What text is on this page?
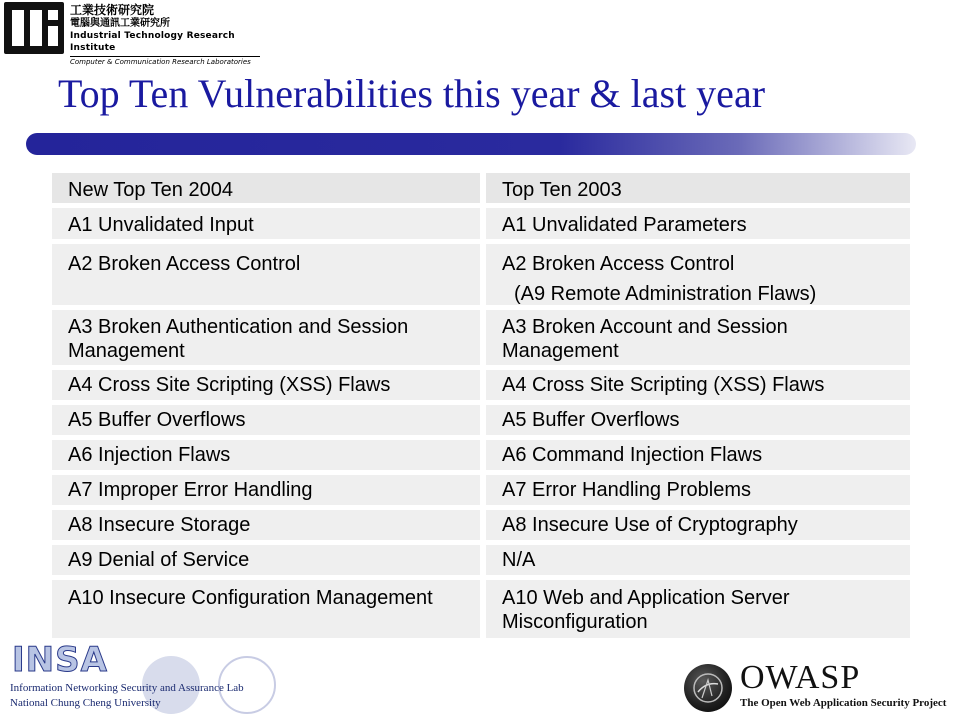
工業技術研究院
電腦與通訊工業研究所
Industrial Technology Research Institute
Computer & Communication Research Laboratories
Top Ten Vulnerabilities this year & last year
New Top Ten 2004
A1 Unvalidated Input
A2 Broken Access Control
A3 Broken Authentication and Session Management
A4 Cross Site Scripting (XSS) Flaws
A5 Buffer Overflows
A6 Injection Flaws
A7 Improper Error Handling
A8 Insecure Storage
A9 Denial of Service
A10 Insecure Configuration Management
Top Ten 2003
A1 Unvalidated Parameters
A2 Broken Access Control
(A9 Remote Administration Flaws)
A3 Broken Account and Session Management
A4 Cross Site Scripting (XSS) Flaws
A5 Buffer Overflows
A6 Command Injection Flaws
A7 Error Handling Problems
A8 Insecure Use of Cryptography
N/A
A10 Web and Application Server Misconfiguration
INSA
Information Networking Security and Assurance Lab
National Chung Cheng University
OWASP
The Open Web Application Security Project
